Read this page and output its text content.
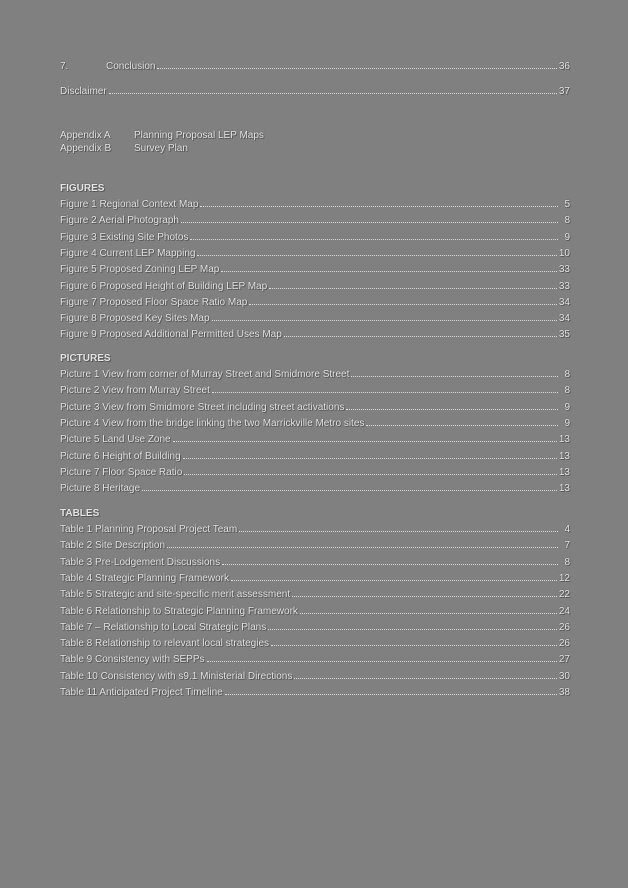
7.	Conclusion	36
Disclaimer	37
Appendix A	Planning Proposal LEP Maps
Appendix B	Survey Plan
FIGURES
Figure 1 Regional Context Map	5
Figure 2 Aerial Photograph	8
Figure 3 Existing Site Photos	9
Figure 4 Current LEP Mapping	10
Figure 5 Proposed Zoning LEP Map	33
Figure 6 Proposed Height of Building LEP Map	33
Figure 7 Proposed Floor Space Ratio Map	34
Figure 8 Proposed Key Sites Map	34
Figure 9 Proposed Additional Permitted Uses Map	35
PICTURES
Picture 1 View from corner of Murray Street and Smidmore Street	8
Picture 2 View from Murray Street	8
Picture 3 View from Smidmore Street including street activations	9
Picture 4 View from the bridge linking the two Marrickville Metro sites	9
Picture 5 Land Use Zone	13
Picture 6 Height of Building	13
Picture 7 Floor Space Ratio	13
Picture 8 Heritage	13
TABLES
Table 1 Planning Proposal Project Team	4
Table 2 Site Description	7
Table 3 Pre-Lodgement Discussions	8
Table 4 Strategic Planning Framework	12
Table 5 Strategic and site-specific merit assessment	22
Table 6 Relationship to Strategic Planning Framework	24
Table 7 – Relationship to Local Strategic Plans	26
Table 8 Relationship to relevant local strategies	26
Table 9 Consistency with SEPPs	27
Table 10 Consistency with s9.1 Ministerial Directions	30
Table 11 Anticipated Project Timeline	38
